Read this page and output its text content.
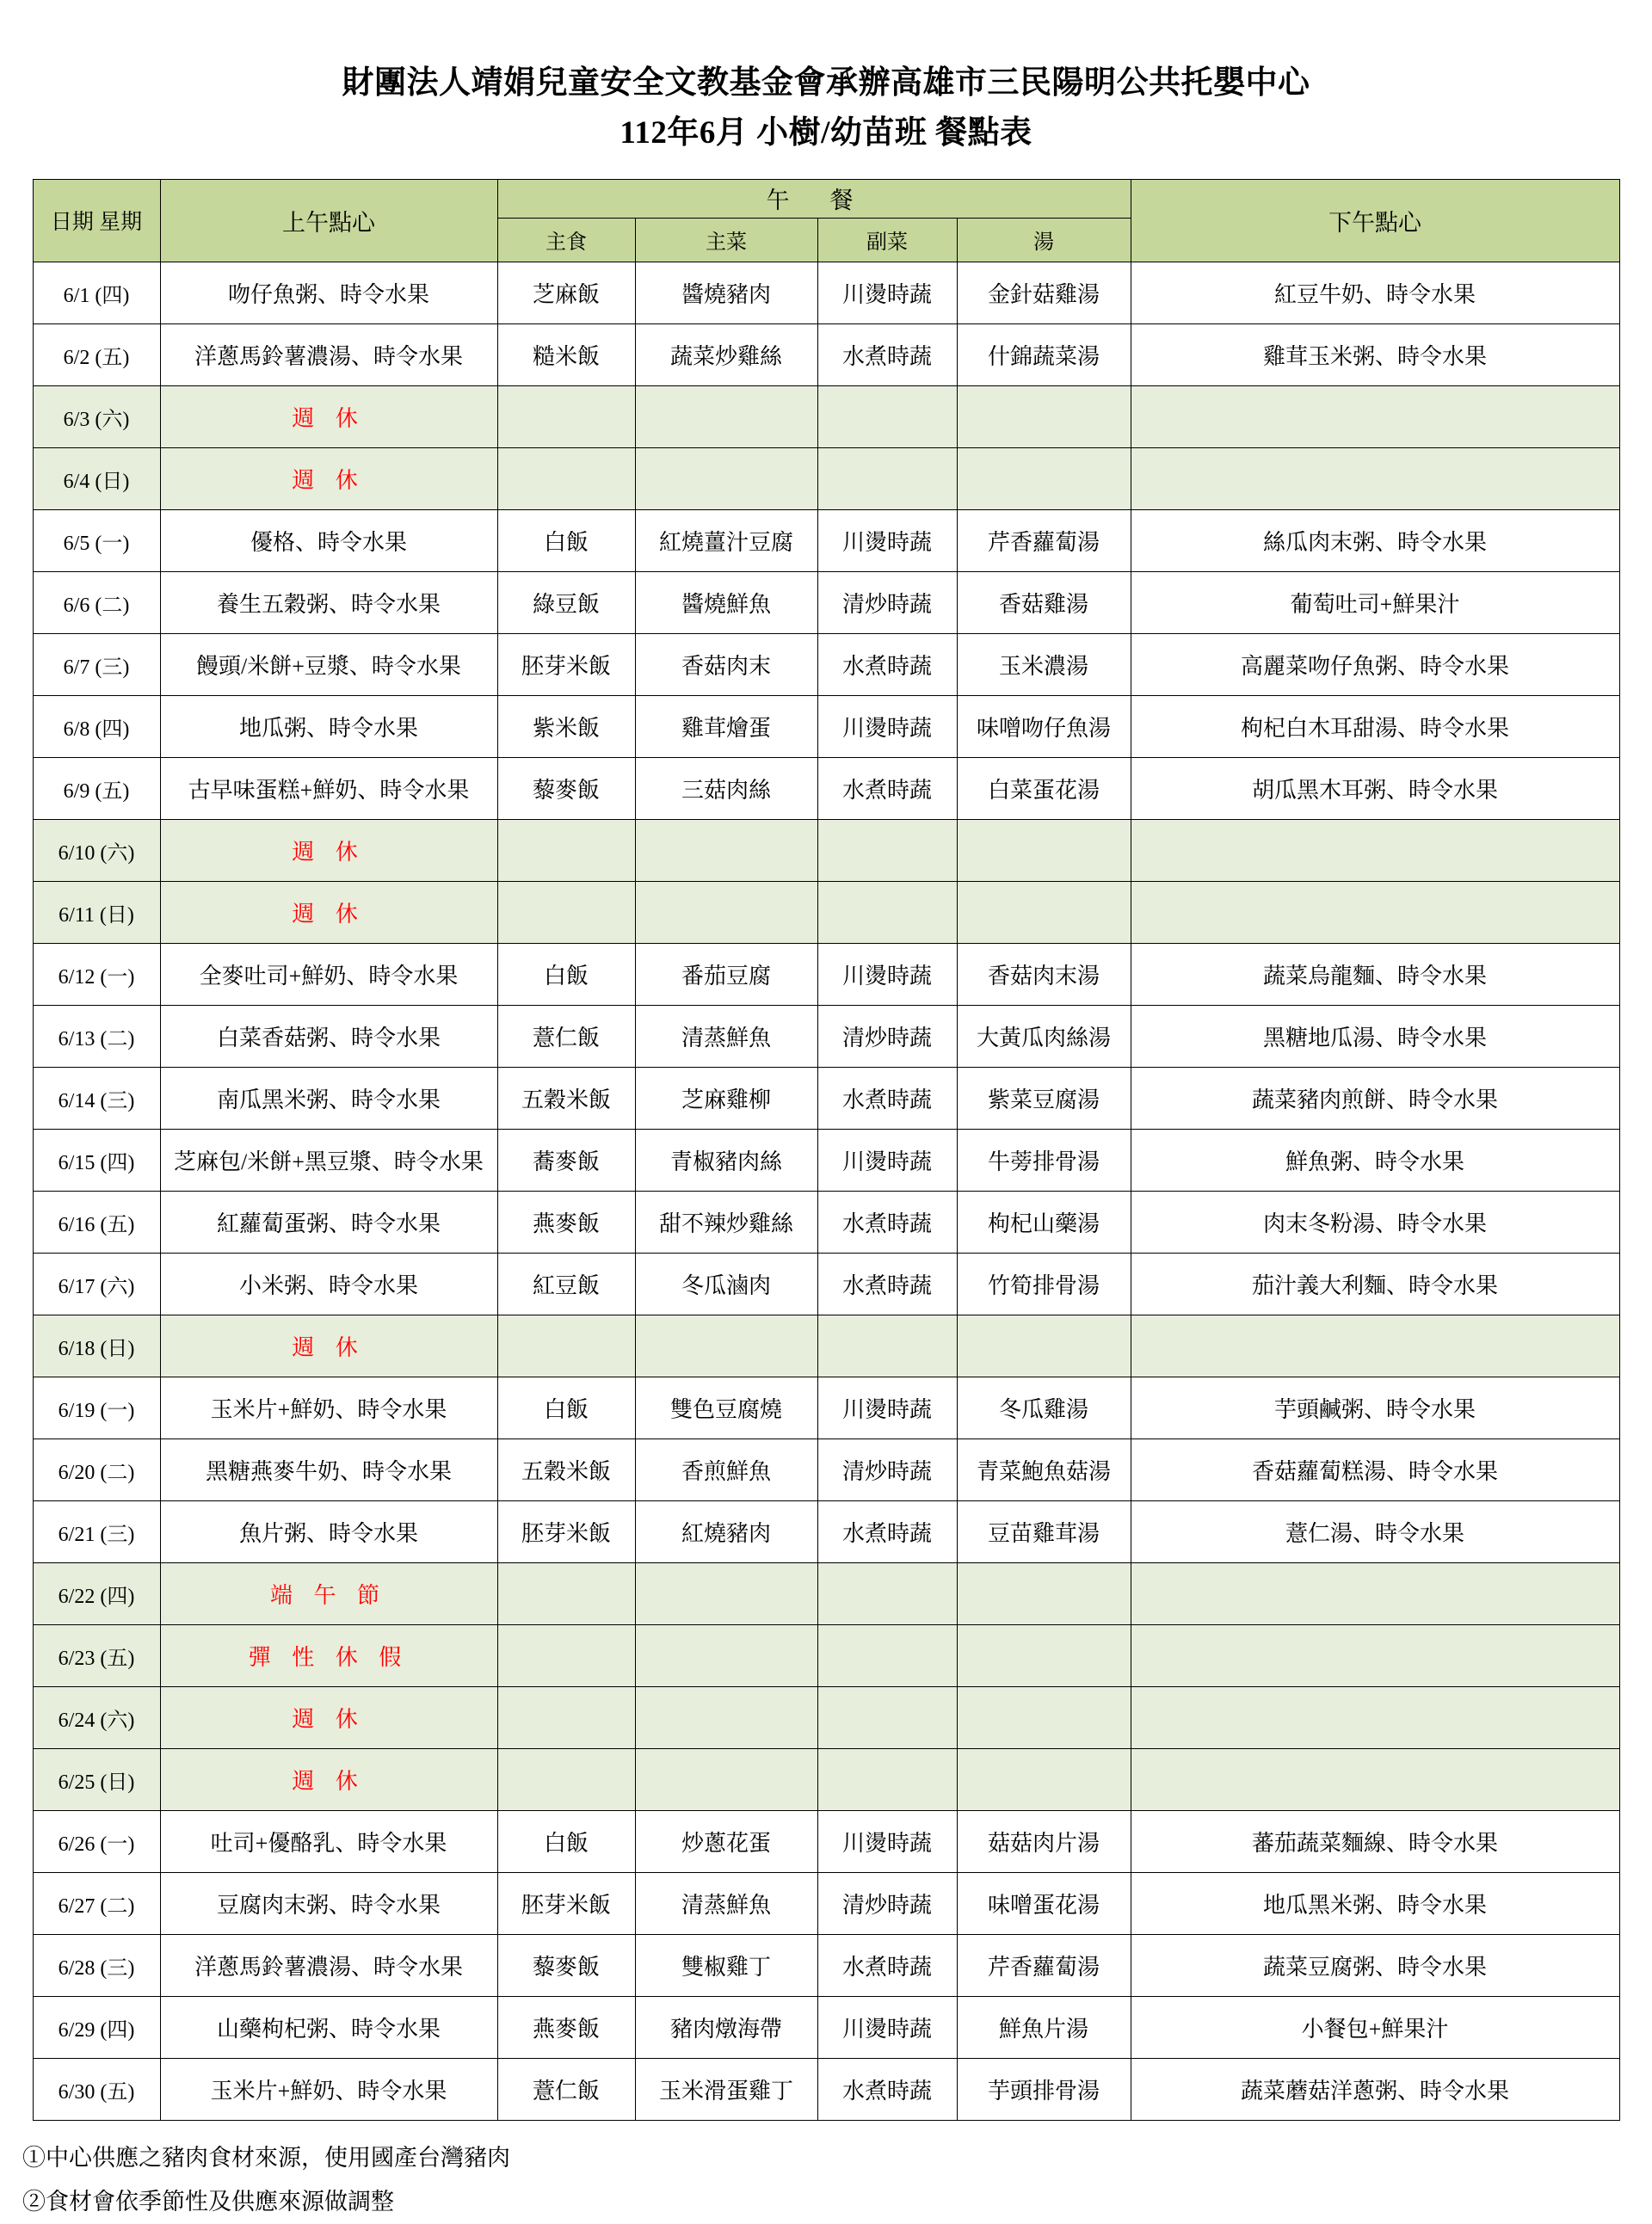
財團法人靖娟兒童安全文教基金會承辦高雄市三民陽明公共托嬰中心
112年6月 小樹/幼苗班 餐點表
日期 星期	上午點心	午　餐				下午點心
		主食	主菜	副菜	湯	
6/1 (四)	吻仔魚粥、時令水果	芝麻飯	醬燒豬肉	川燙時蔬	金針菇雞湯	紅豆牛奶、時令水果
6/2 (五)	洋蔥馬鈴薯濃湯、時令水果	糙米飯	蔬菜炒雞絲	水煮時蔬	什錦蔬菜湯	雞茸玉米粥、時令水果
6/3 (六)	週 休					
6/4 (日)	週 休					
6/5 (一)	優格、時令水果	白飯	紅燒薑汁豆腐	川燙時蔬	芹香蘿蔔湯	絲瓜肉末粥、時令水果
6/6 (二)	養生五穀粥、時令水果	綠豆飯	醬燒鮮魚	清炒時蔬	香菇雞湯	葡萄吐司+鮮果汁
6/7 (三)	饅頭/米餅+豆漿、時令水果	胚芽米飯	香菇肉末	水煮時蔬	玉米濃湯	高麗菜吻仔魚粥、時令水果
6/8 (四)	地瓜粥、時令水果	紫米飯	雞茸燴蛋	川燙時蔬	味噌吻仔魚湯	枸杞白木耳甜湯、時令水果
6/9 (五)	古早味蛋糕+鮮奶、時令水果	藜麥飯	三菇肉絲	水煮時蔬	白菜蛋花湯	胡瓜黑木耳粥、時令水果
6/10 (六)	週 休					
6/11 (日)	週 休					
6/12 (一)	全麥吐司+鮮奶、時令水果	白飯	番茄豆腐	川燙時蔬	香菇肉末湯	蔬菜烏龍麵、時令水果
6/13 (二)	白菜香菇粥、時令水果	薏仁飯	清蒸鮮魚	清炒時蔬	大黃瓜肉絲湯	黑糖地瓜湯、時令水果
6/14 (三)	南瓜黑米粥、時令水果	五穀米飯	芝麻雞柳	水煮時蔬	紫菜豆腐湯	蔬菜豬肉煎餅、時令水果
6/15 (四)	芝麻包/米餅+黑豆漿、時令水果	蕎麥飯	青椒豬肉絲	川燙時蔬	牛蒡排骨湯	鮮魚粥、時令水果
6/16 (五)	紅蘿蔔蛋粥、時令水果	燕麥飯	甜不辣炒雞絲	水煮時蔬	枸杞山藥湯	肉末冬粉湯、時令水果
6/17 (六)	小米粥、時令水果	紅豆飯	冬瓜滷肉	水煮時蔬	竹筍排骨湯	茄汁義大利麵、時令水果
6/18 (日)	週 休					
6/19 (一)	玉米片+鮮奶、時令水果	白飯	雙色豆腐燒	川燙時蔬	冬瓜雞湯	芋頭鹹粥、時令水果
6/20 (二)	黑糖燕麥牛奶、時令水果	五穀米飯	香煎鮮魚	清炒時蔬	青菜鮑魚菇湯	香菇蘿蔔糕湯、時令水果
6/21 (三)	魚片粥、時令水果	胚芽米飯	紅燒豬肉	水煮時蔬	豆苗雞茸湯	薏仁湯、時令水果
6/22 (四)	端 午 節					
6/23 (五)	彈 性 休 假					
6/24 (六)	週 休					
6/25 (日)	週 休					
6/26 (一)	吐司+優酪乳、時令水果	白飯	炒蔥花蛋	川燙時蔬	菇菇肉片湯	蕃茄蔬菜麵線、時令水果
6/27 (二)	豆腐肉末粥、時令水果	胚芽米飯	清蒸鮮魚	清炒時蔬	味噌蛋花湯	地瓜黑米粥、時令水果
6/28 (三)	洋蔥馬鈴薯濃湯、時令水果	藜麥飯	雙椒雞丁	水煮時蔬	芹香蘿蔔湯	蔬菜豆腐粥、時令水果
6/29 (四)	山藥枸杞粥、時令水果	燕麥飯	豬肉燉海帶	川燙時蔬	鮮魚片湯	小餐包+鮮果汁
6/30 (五)	玉米片+鮮奶、時令水果	薏仁飯	玉米滑蛋雞丁	水煮時蔬	芋頭排骨湯	蔬菜蘑菇洋蔥粥、時令水果
①中心供應之豬肉食材來源，使用國產台灣豬肉
②食材會依季節性及供應來源做調整
